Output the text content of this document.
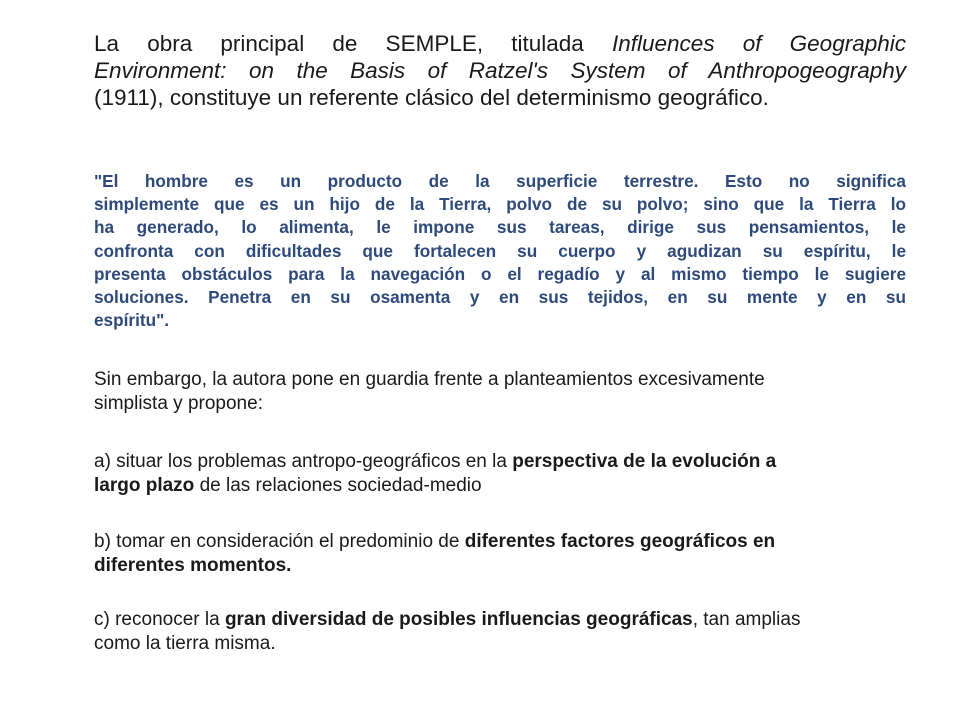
La obra principal de SEMPLE, titulada Influences of Geographic
Environment: on the Basis of Ratzel's System of Anthropogeography
(1911), constituye un referente clásico del determinismo geográfico.
"El hombre es un producto de la superficie terrestre. Esto no significa
simplemente que es un hijo de la Tierra, polvo de su polvo; sino que la Tierra lo
ha generado, lo alimenta, le impone sus tareas, dirige sus pensamientos, le
confronta con dificultades que fortalecen su cuerpo y agudizan su espíritu, le
presenta obstáculos para la navegación o el regadío y al mismo tiempo le sugiere
soluciones. Penetra en su osamenta y en sus tejidos, en su mente y en su
espíritu".
Sin embargo, la autora pone en guardia frente a planteamientos excesivamente
simplista y propone:
a) situar los problemas antropo-geográficos en la perspectiva de la evolución a
largo plazo de las relaciones sociedad-medio
b) tomar en consideración el predominio de diferentes factores geográficos en
diferentes momentos.
c) reconocer la gran diversidad de posibles influencias geográficas, tan amplias
como la tierra misma.
